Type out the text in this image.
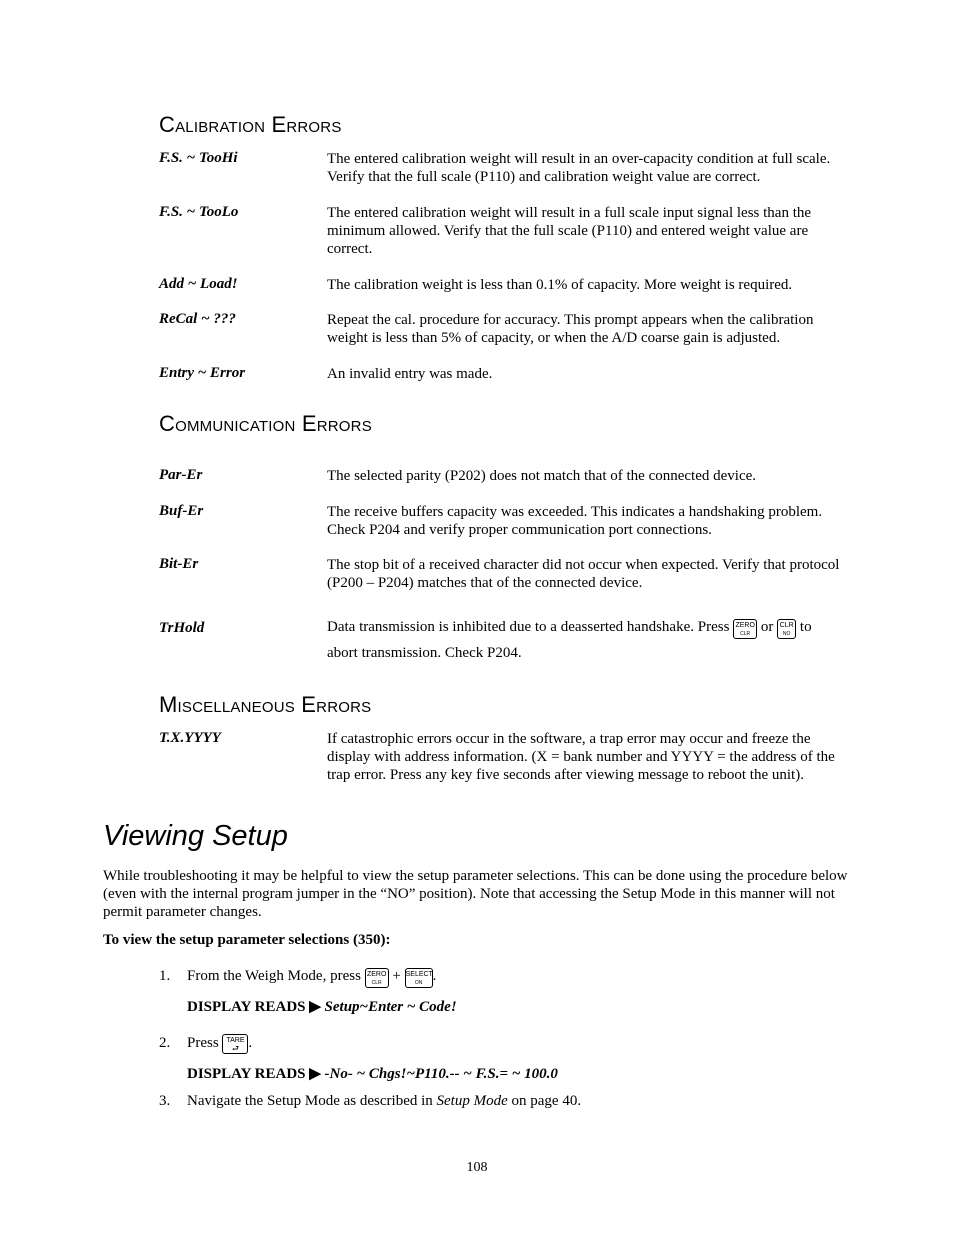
Calibration Errors
F.S. ~ TooHi	The entered calibration weight will result in an over-capacity condition at full scale. Verify that the full scale (P110) and calibration weight value are correct.
F.S. ~ TooLo	The entered calibration weight will result in a full scale input signal less than the minimum allowed. Verify that the full scale (P110) and entered weight value are correct.
Add ~ Load!	The calibration weight is less than 0.1% of capacity. More weight is required.
ReCal ~ ???	Repeat the cal. procedure for accuracy. This prompt appears when the calibration weight is less than 5% of capacity, or when the A/D coarse gain is adjusted.
Entry ~ Error	An invalid entry was made.
Communication Errors
Par-Er	The selected parity (P202) does not match that of the connected device.
Buf-Er	The receive buffers capacity was exceeded. This indicates a handshaking problem. Check P204 and verify proper communication port connections.
Bit-Er	The stop bit of a received character did not occur when expected. Verify that protocol (P200 – P204) matches that of the connected device.
TrHold	Data transmission is inhibited due to a deasserted handshake. Press ZERO
CLR or CLR
NO to
abort transmission. Check P204.
Miscellaneous Errors
T.X.YYYY	If catastrophic errors occur in the software, a trap error may occur and freeze the display with address information. (X = bank number and YYYY = the address of the trap error. Press any key five seconds after viewing message to reboot the unit).
Viewing Setup

While troubleshooting it may be helpful to view the setup parameter selections. This can be done using the procedure below (even with the internal program jumper in the “NO” position). Note that accessing the Setup Mode in this manner will not permit parameter changes.

To view the setup parameter selections (350):

1. From the Weigh Mode, press ZERO
CLR + SELECT
ON .
DISPLAY READS ▶ Setup~Enter ~ Code!
2. Press TARE
⮐ .
DISPLAY READS ▶ -No- ~ Chgs!~P110.-- ~ F.S.= ~ 100.0
3. Navigate the Setup Mode as described in Setup Mode on page 40.
108
